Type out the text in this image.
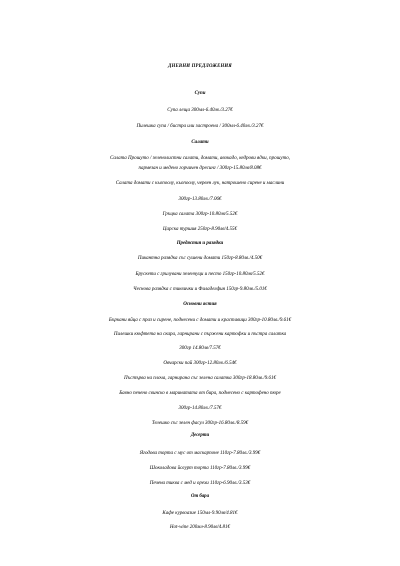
ДНЕВНИ ПРЕДЛОЖЕНИЯ
Супи
Супа леща 300мл-6.40лв./3.27€
Пилешка супа / бистра или застроена / 300мл-6.40лв./3.27€
Салати
Салата Прошуто / зеленолистни салати, домати, авокадо, кедрови ядки, прошуто,
пармезан и медено горчичен дресинг / 300гр-15.80лв/8.08€
Салата домати с кьопоолу, кьопоолу, червен лук, натрошено сирене и маслини
300гр-13.80лв./7.06€
Гръцка салата 300гр-10.80лв/5.52€
Царска туршия 250гр-8.90лв/4.55€
Предястия и разядки
Пикантна разядка със сушени домати 150гр-8.80лв./4.50€
Брускети с грилувани зеленчуци и песто 150гр-10.80лв/5.52€
Чеснова разядка с тиквички и Филаделфия 150гр-9.80лв./5.01€
Основни ястия
Бъркани яйца с праз и сирене, поднесени с домати и краставици 300гр-10.80лв./9.61€
Пилешки кюфтета на скара, гарнирани с пържени картофки и пъстра салатка
300гр 14.80лв/7.57€
Овчарски пай 300гр-12.80лв./6.54€
Пъстърва на плоча, гарнирана със зелена салатка 300гр-18.80лв./9.61€
Бавно печено свинско в маринатата от бира, поднесено с картофено пюре
300гр-14.80лв./7.57€
Телешко със зелен фасул 300гр-16.80лв./8.59€
Десерти
Ягодова торта с мус от маскарпоне 110гр-7.80лв./3.99€
Шоколадова йогурт торта 110гр-7.80лв./3.99€
Печена тиква с мед и орехи 110гр-6.90лв./3.53€
От бара
Кафе курвоазие 150мл-9.90лв/4.81€
Hot-wine 200мл-8.90лв/4.81€
